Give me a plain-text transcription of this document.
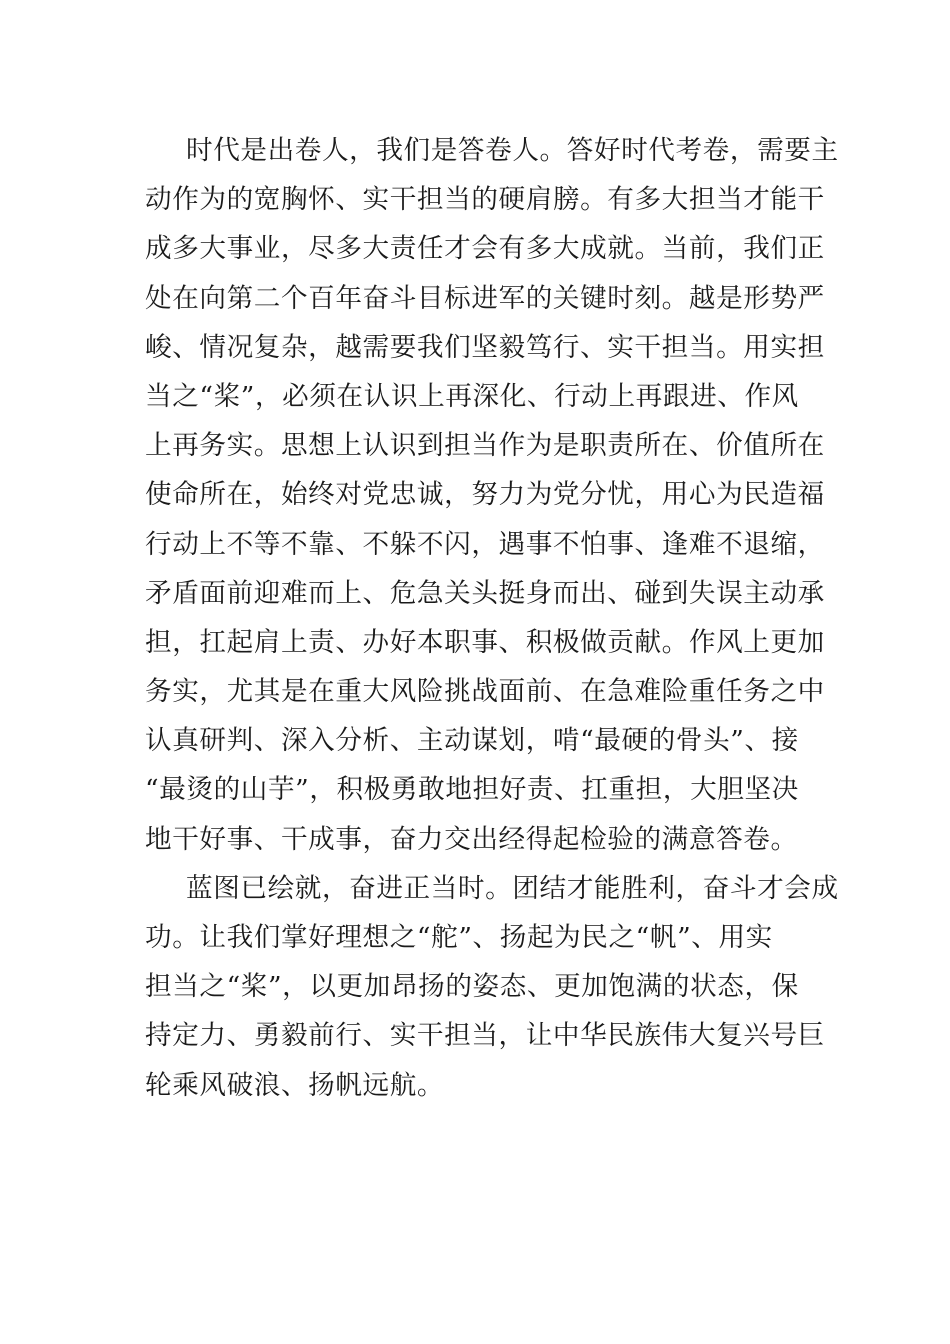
时代是出卷人，我们是答卷人。答好时代考卷，需要主
动作为的宽胸怀、实干担当的硬肩膀。有多大担当才能干
成多大事业，尽多大责任才会有多大成就。当前，我们正
处在向第二个百年奋斗目标进军的关键时刻。越是形势严
峻、情况复杂，越需要我们坚毅笃行、实干担当。用实担
当之“桨”，必须在认识上再深化、行动上再跟进、作风
上再务实。思想上认识到担当作为是职责所在、价值所在
使命所在，始终对党忠诚，努力为党分忧，用心为民造福
行动上不等不靠、不躲不闪，遇事不怕事、逢难不退缩，
矛盾面前迎难而上、危急关头挺身而出、碰到失误主动承
担，扛起肩上责、办好本职事、积极做贡献。作风上更加
务实，尤其是在重大风险挑战面前、在急难险重任务之中
认真研判、深入分析、主动谋划，啃“最硬的骨头”、接
“最烫的山芋”，积极勇敢地担好责、扛重担，大胆坚决
地干好事、干成事，奋力交出经得起检验的满意答卷。
蓝图已绘就，奋进正当时。团结才能胜利，奋斗才会成
功。让我们掌好理想之“舵”、扬起为民之“帆”、用实
担当之“桨”，以更加昂扬的姿态、更加饱满的状态，保
持定力、勇毅前行、实干担当，让中华民族伟大复兴号巨
轮乘风破浪、扬帆远航。
